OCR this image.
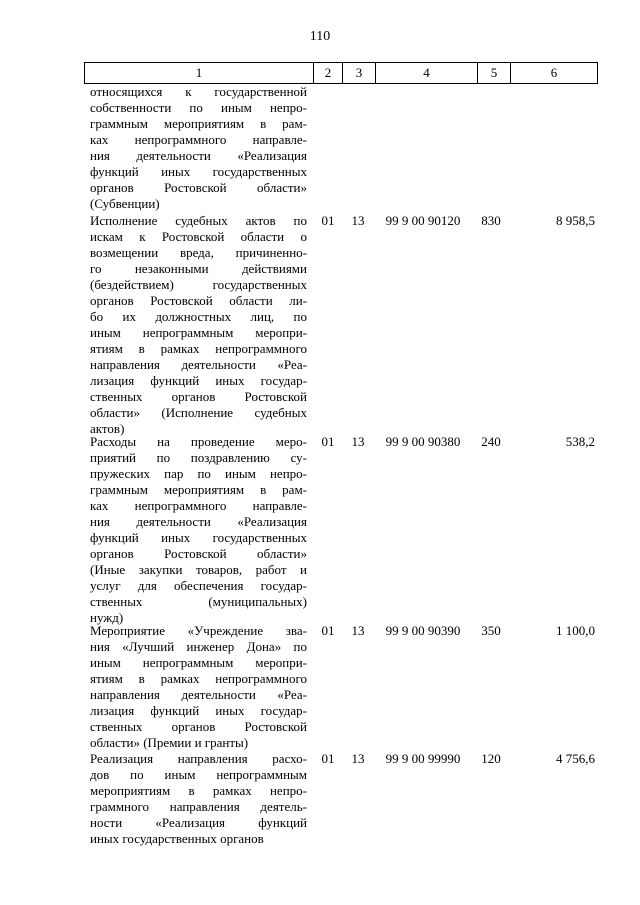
110
1	2	3	4	5	6
относящихся к государственной
собственности по иным непро-
граммным мероприятиям в рам-
ках непрограммного направле-
ния деятельности «Реализация
функций иных государственных
органов Ростовской области»
(Субвенции)
Исполнение судебных актов по
искам к Ростовской области о
возмещении вреда, причиненно-
го незаконными действиями
(бездействием) государственных
органов Ростовской области ли-
бо их должностных лиц, по
иным непрограммным меропри-
ятиям в рамках непрограммного
направления деятельности «Реа-
лизация функций иных государ-
ственных органов Ростовской
области» (Исполнение судебных
актов)
01	13	99 9 00 90120	830	8 958,5
Расходы на проведение меро-
приятий по поздравлению су-
пружеских пар по иным непро-
граммным мероприятиям в рам-
ках непрограммного направле-
ния деятельности «Реализация
функций иных государственных
органов Ростовской области»
(Иные закупки товаров, работ и
услуг для обеспечения государ-
ственных (муниципальных)
нужд)
01	13	99 9 00 90380	240	538,2
Мероприятие «Учреждение зва-
ния «Лучший инженер Дона» по
иным непрограммным меропри-
ятиям в рамках непрограммного
направления деятельности «Реа-
лизация функций иных государ-
ственных органов Ростовской
области» (Премии и гранты)
01	13	99 9 00 90390	350	1 100,0
Реализация направления расхо-
дов по иным непрограммным
мероприятиям в рамках непро-
граммного направления деятель-
ности «Реализация функций
иных государственных органов
01	13	99 9 00 99990	120	4 756,6
